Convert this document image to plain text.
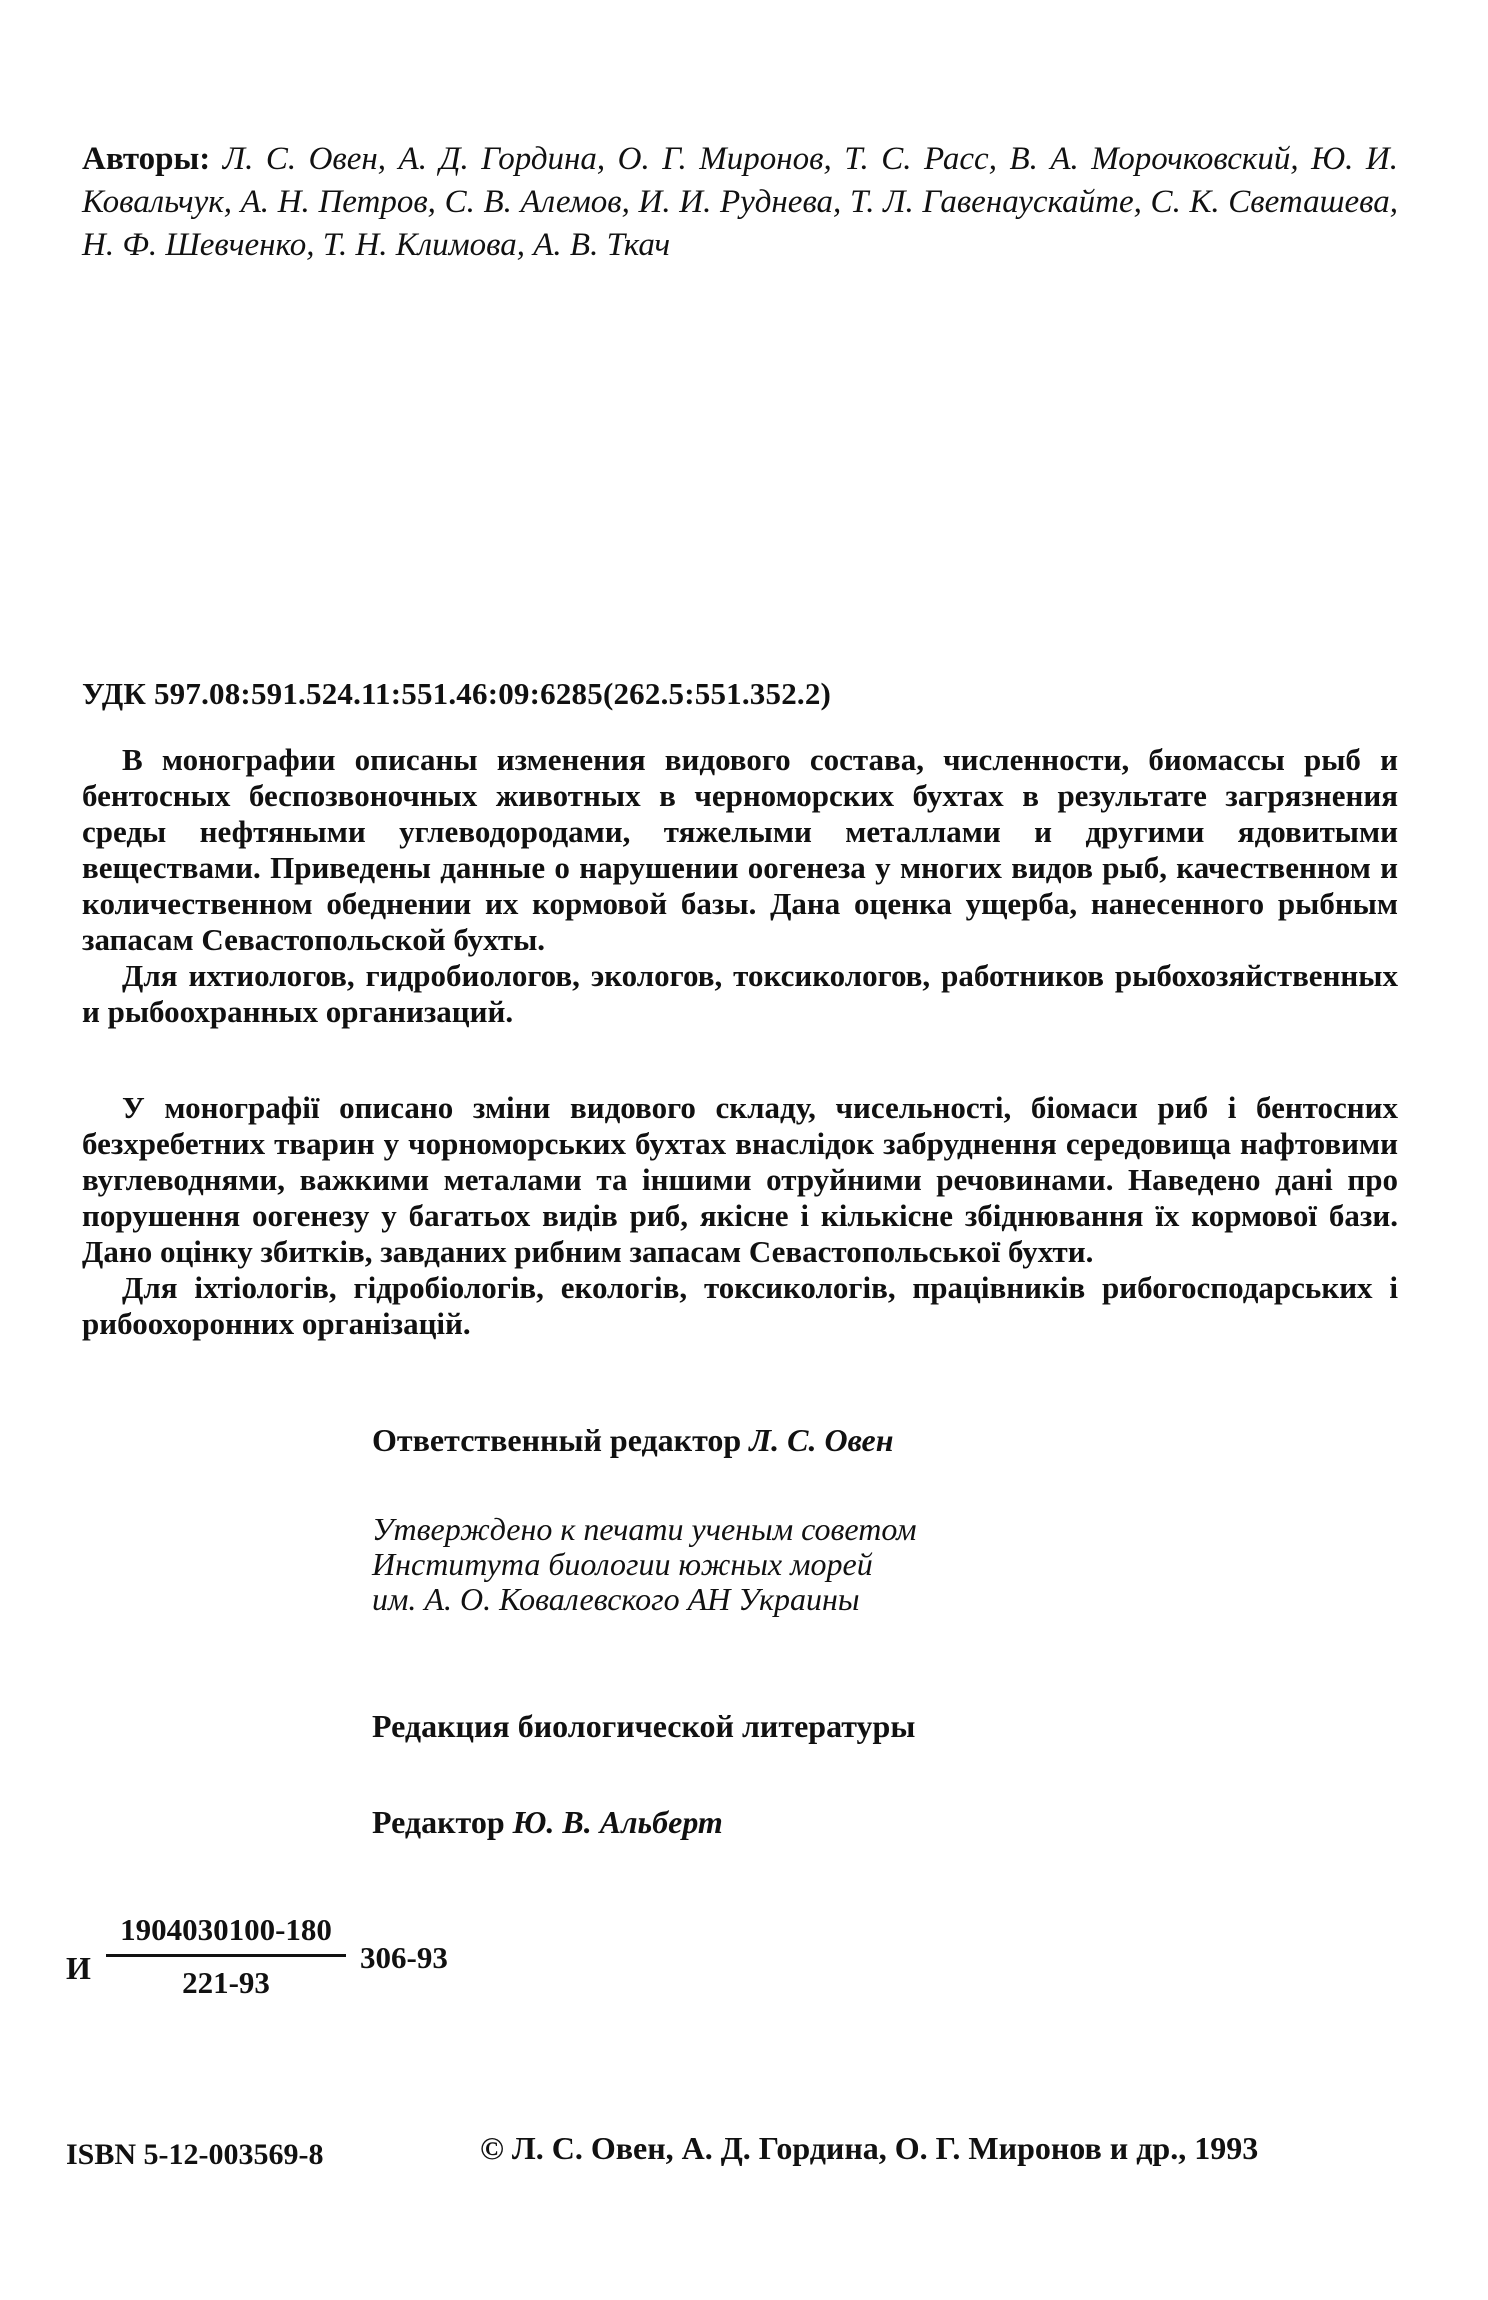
Авторы: Л. С. Овен, А. Д. Гордина, О. Г. Миронов, Т. С. Расс, В. А. Морочковский, Ю. И. Ковальчук, А. Н. Петров, С. В. Алемов, И. И. Руднева, Т. Л. Гавенаускайте, С. К. Светашева, Н. Ф. Шевченко, Т. Н. Климова, А. В. Ткач
УДК 597.08:591.524.11:551.46:09:6285(262.5:551.352.2)

В монографии описаны изменения видового состава, численности, биомассы рыб и бентосных беспозвоночных животных в черноморских бухтах в результате загрязнения среды нефтяными углеводородами, тяжелыми металлами и другими ядовитыми веществами. Приведены данные о нарушении оогенеза у многих видов рыб, качественном и количественном обеднении их кормовой базы. Дана оценка ущерба, нанесенного рыбным запасам Севастопольской бухты.

Для ихтиологов, гидробиологов, экологов, токсикологов, работников рыбохозяйственных и рыбоохранных организаций.

У монографії описано зміни видового складу, чисельності, біомаси риб і бентосних безхребетних тварин у чорноморських бухтах внаслідок забруднення середовища нафтовими вуглеводнями, важкими металами та іншими отруйними речовинами. Наведено дані про порушення оогенезу у багатьох видів риб, якісне і кількісне збіднювання їх кормової бази. Дано оцінку збитків, завданих рибним запасам Севастопольської бухти.

Для іхтіологів, гідробіологів, екологів, токсикологів, працівників рибогосподарських і рибоохоронних організацій.

Ответственный редактор Л. С. Овен
Утверждено к печати ученым советом
Института биологии южных морей
им. А. О. Ковалевского АН Украины
Редакция биологической литературы
Редактор Ю. В. Альберт
И $\frac{1904030100-180}{221-93} 306-93$
ISBN 5-12-003569-8	© Л. С. Овен, А. Д. Гордина, О. Г. Миронов и др., 1993
